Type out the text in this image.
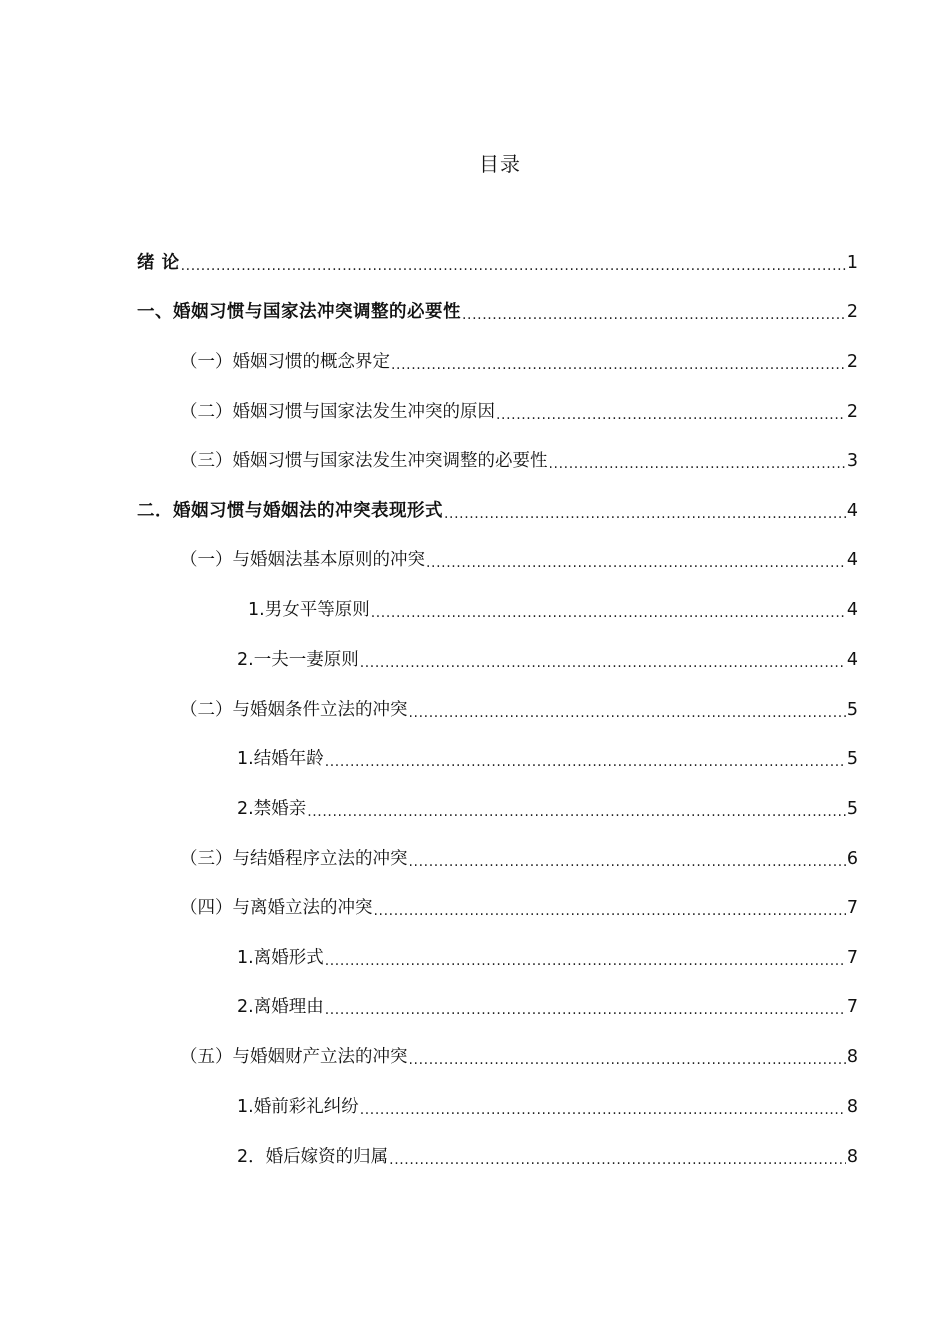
目录
绪 论 .....	1
一、婚姻习惯与国家法冲突调整的必要性 .....	2
（一）婚姻习惯的概念界定 .....	2
（二）婚姻习惯与国家法发生冲突的原因 .....	2
（三）婚姻习惯与国家法发生冲突调整的必要性 .....	3
二．婚姻习惯与婚姻法的冲突表现形式 .....	4
（一）与婚姻法基本原则的冲突 .....	4
1.男女平等原则 .....	4
2.一夫一妻原则 .....	4
（二）与婚姻条件立法的冲突 .....	5
1.结婚年龄 .....	5
2.禁婚亲 .....	5
（三）与结婚程序立法的冲突 .....	6
（四）与离婚立法的冲突 .....	7
1.离婚形式 .....	7
2.离婚理由 .....	7
（五）与婚姻财产立法的冲突 .....	8
1.婚前彩礼纠纷 .....	8
2．婚后嫁资的归属 .....	8
